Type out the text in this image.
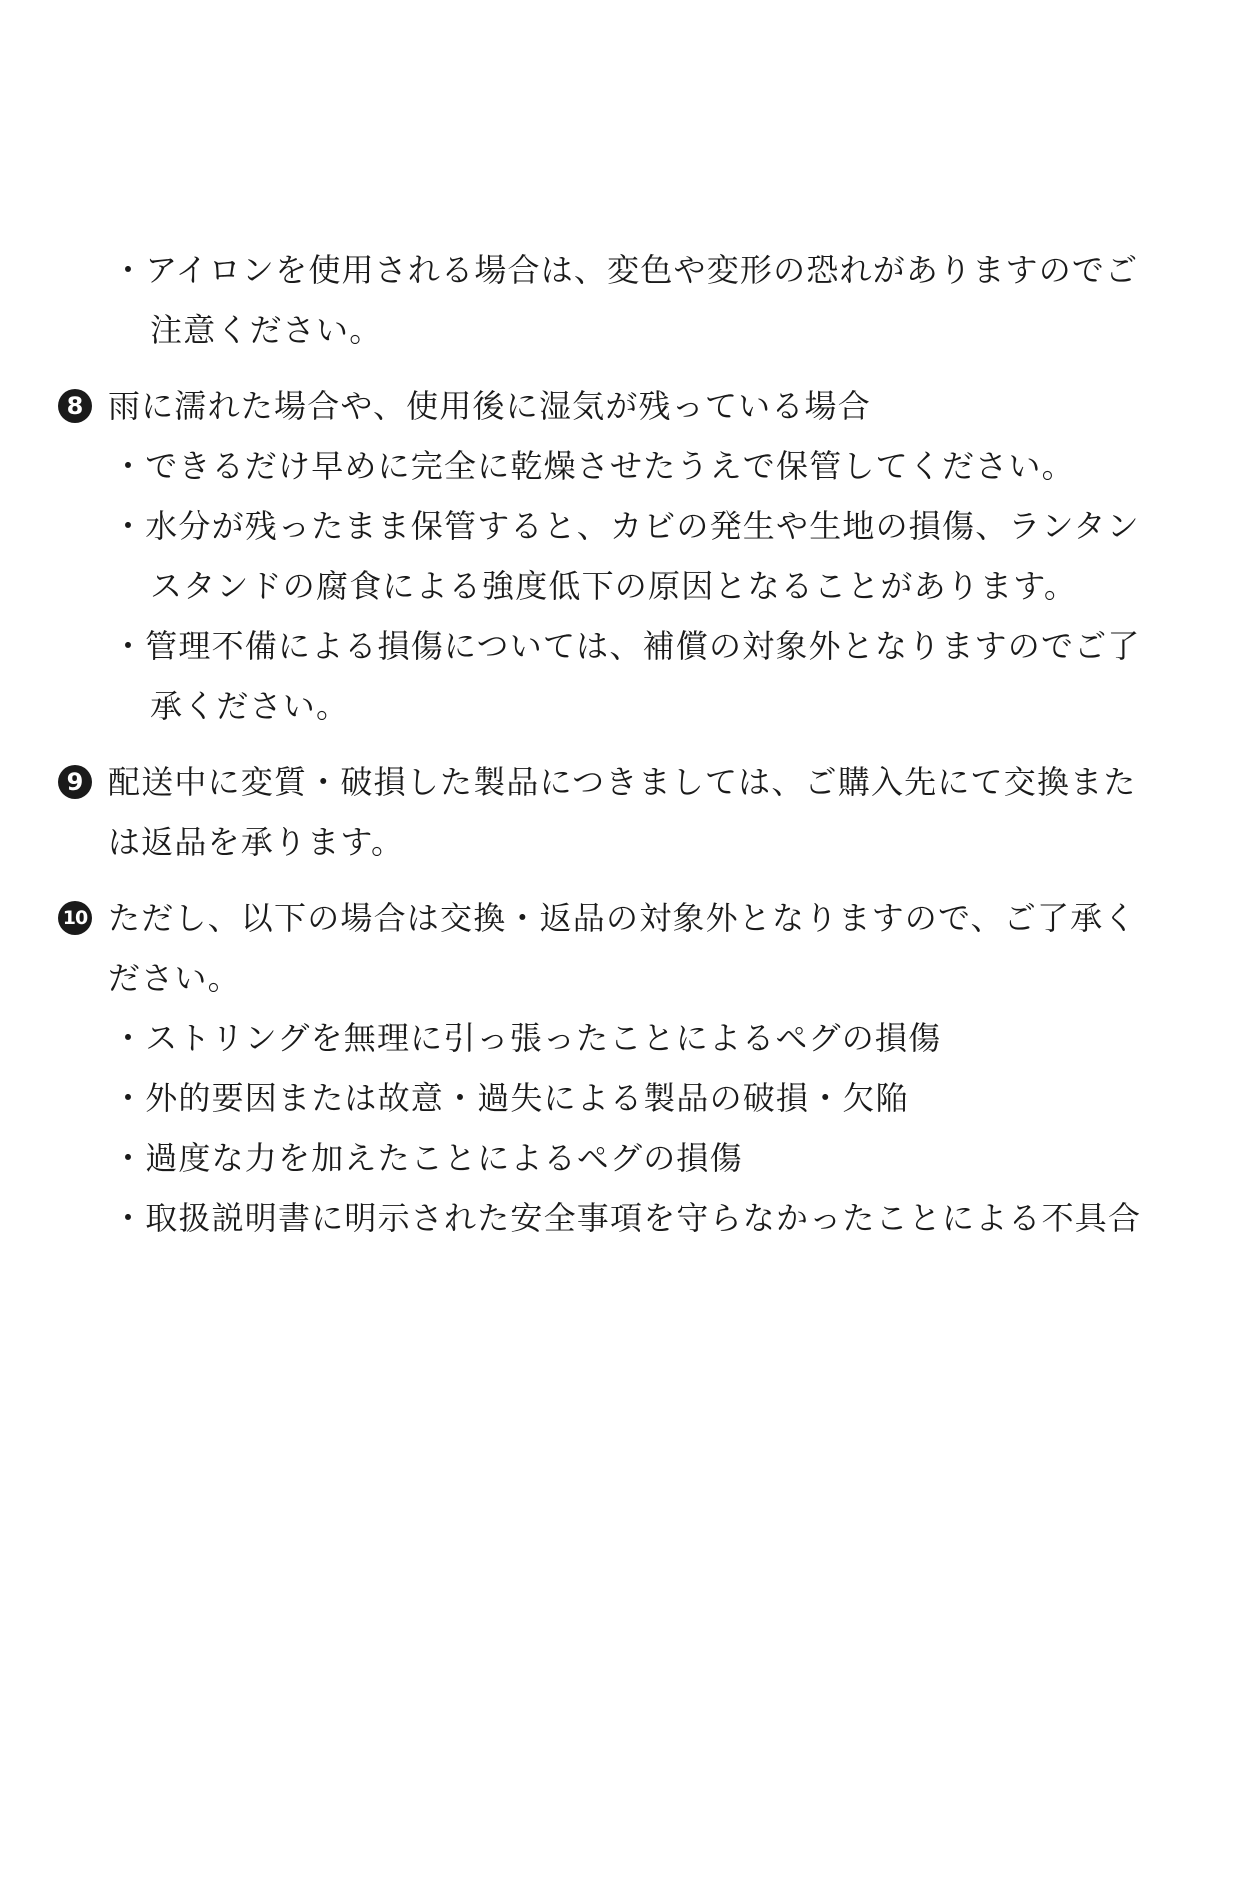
・アイロンを使用される場合は、変色や変形の恐れがありますのでご
注意ください。
8 雨に濡れた場合や、使用後に湿気が残っている場合
・できるだけ早めに完全に乾燥させたうえで保管してください。
・水分が残ったまま保管すると、カビの発生や生地の損傷、ランタン
スタンドの腐食による強度低下の原因となることがあります。
・管理不備による損傷については、補償の対象外となりますのでご了
承ください。
9 配送中に変質・破損した製品につきましては、ご購入先にて交換また
は返品を承ります。
10 ただし、以下の場合は交換・返品の対象外となりますので、ご了承く
ださい。
・ストリングを無理に引っ張ったことによるペグの損傷
・外的要因または故意・過失による製品の破損・欠陥
・過度な力を加えたことによるペグの損傷
・取扱説明書に明示された安全事項を守らなかったことによる不具合
